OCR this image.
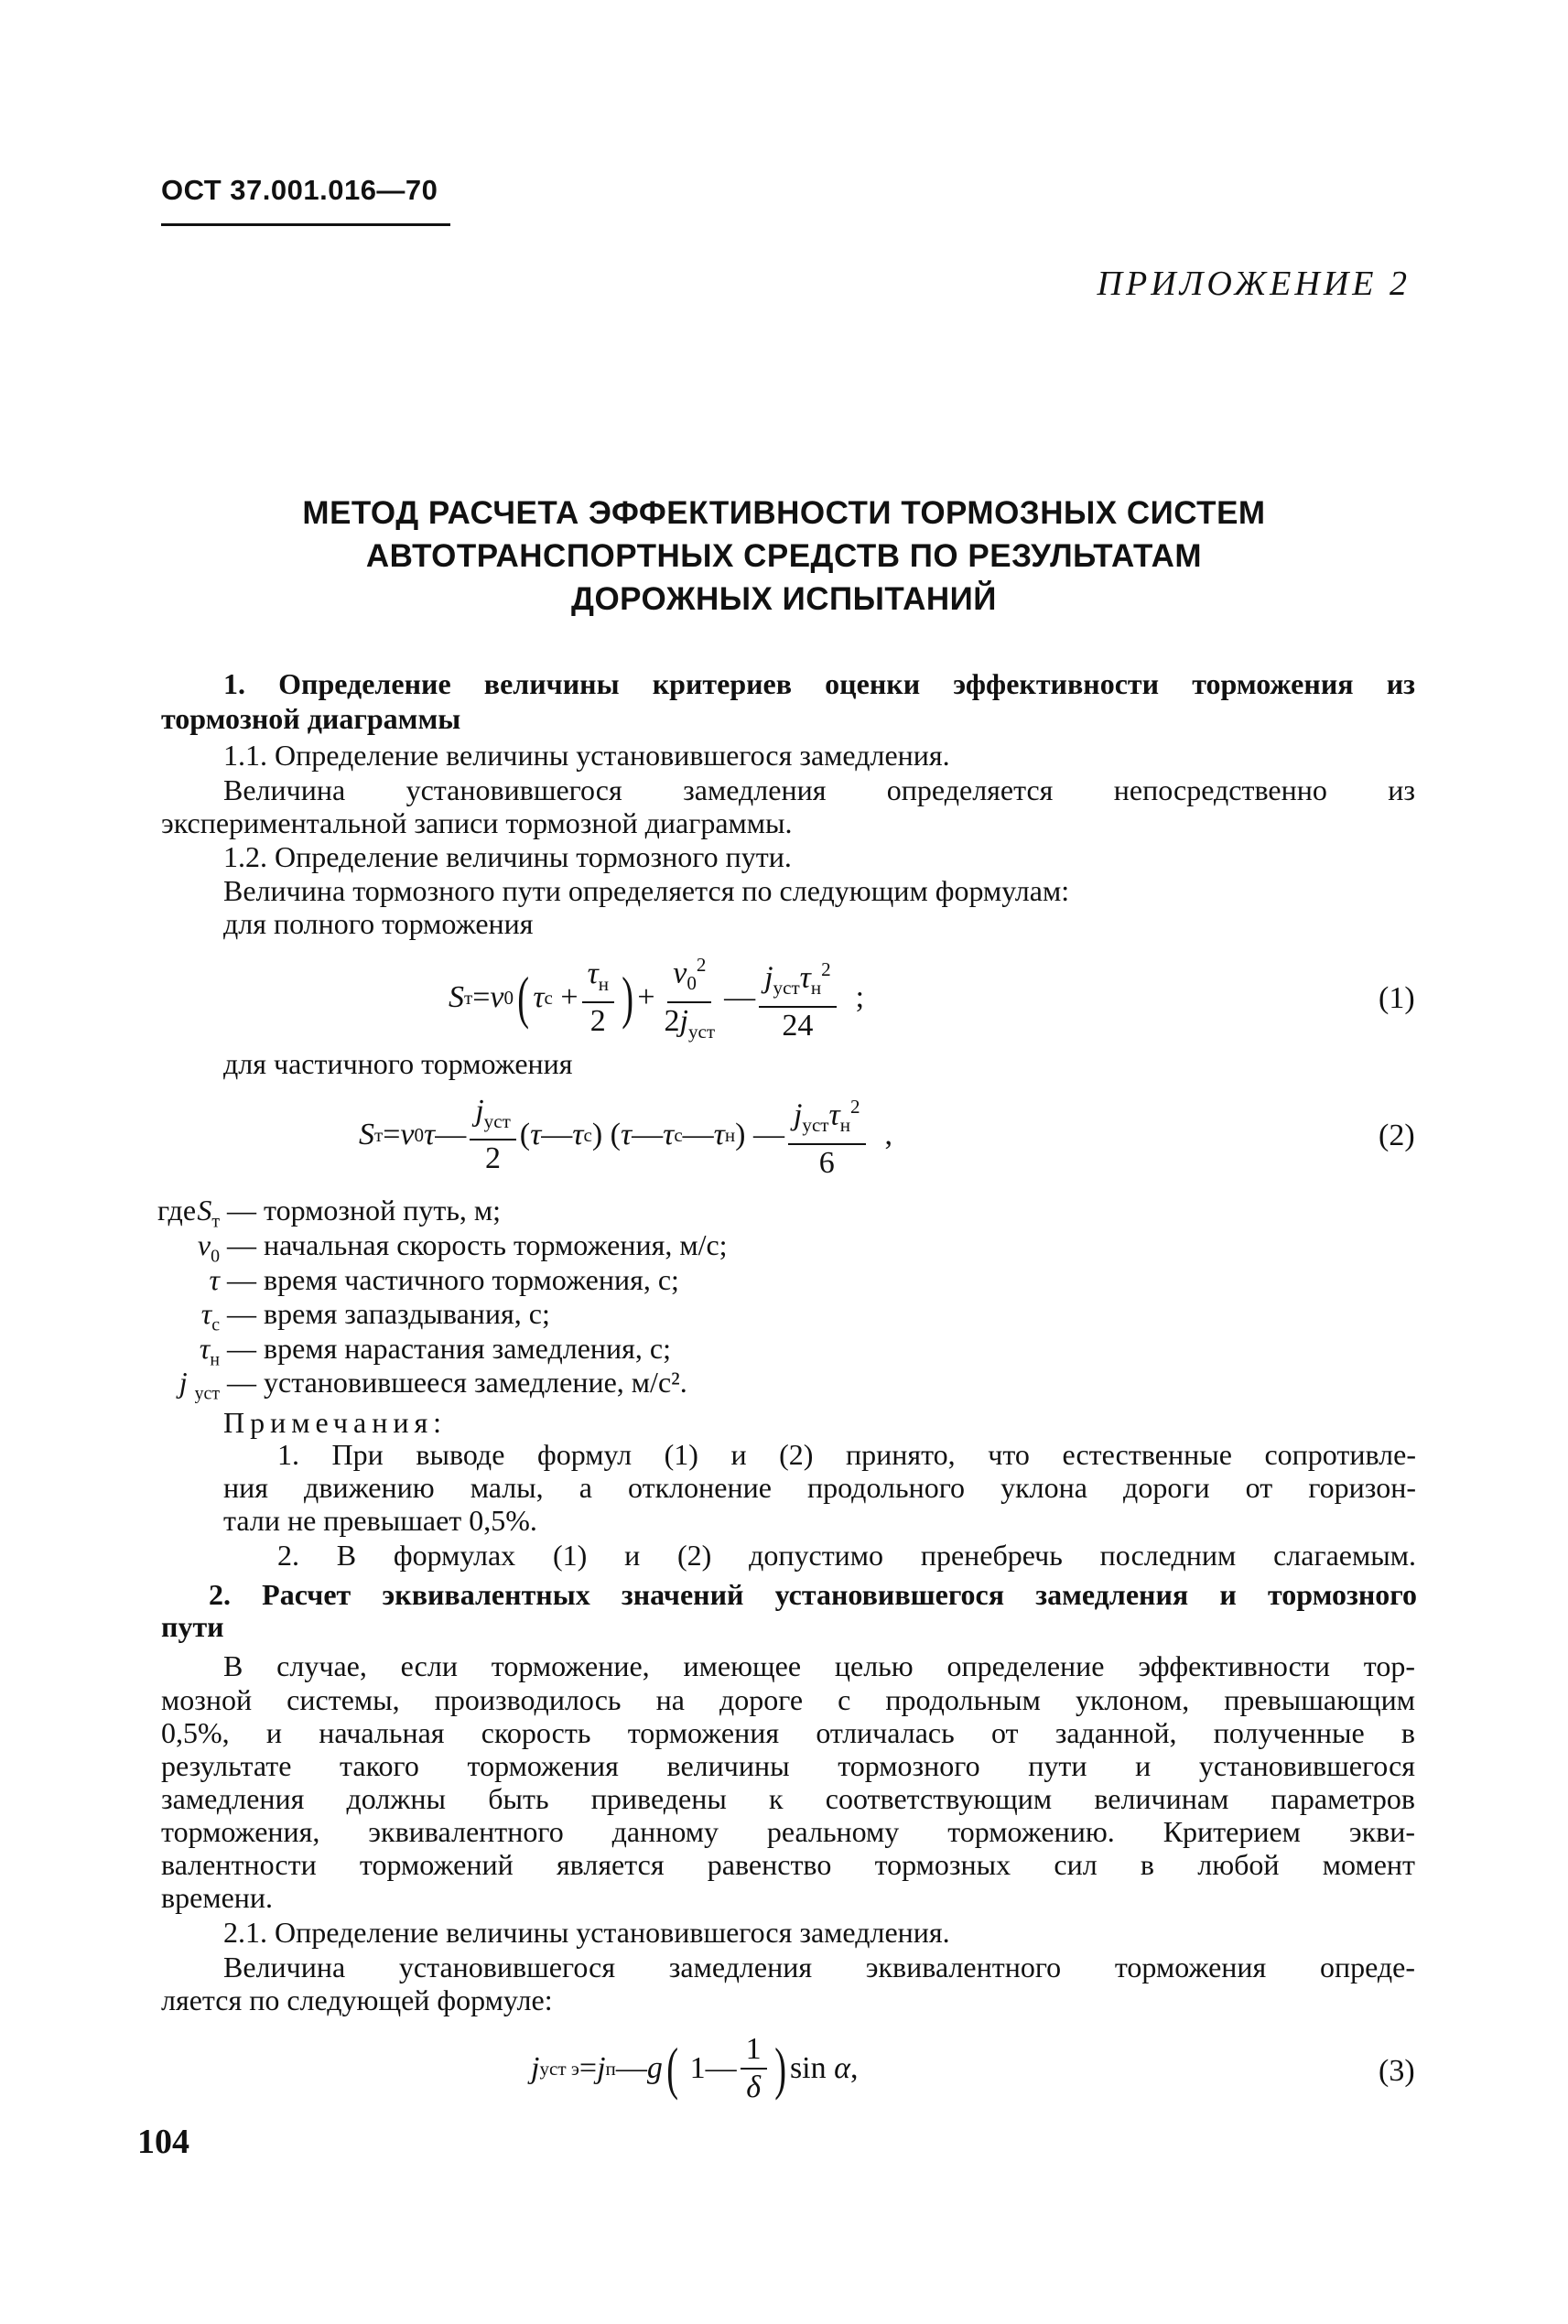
ОСТ 37.001.016—70
ПРИЛОЖЕНИЕ 2
МЕТОД РАСЧЕТА ЭФФЕКТИВНОСТИ ТОРМОЗНЫХ СИСТЕМ
АВТОТРАНСПОРТНЫХ СРЕДСТВ ПО РЕЗУЛЬТАТАМ
ДОРОЖНЫХ ИСПЫТАНИЙ
1. Определение величины критериев оценки эффективности торможения из
тормозной диаграммы
1.1. Определение величины установившегося замедления.
Величина установившегося замедления определяется непосредственно из
экспериментальной записи тормозной диаграммы.
1.2. Определение величины тормозного пути.
Величина тормозного пути определяется по следующим формулам:
для полного торможения
S т = v 0 ( τ $с + \frac{\tau_н}{2}$ ) + $\frac{v_0^2}{2j_{уст}}$ — $\frac{j_{уст}\tau_н^2}{24}$ ;	(1)
для частичного торможения
S т = v 0 τ — $\frac{j_{уст}}{2}$ ( τ — τ с ) ( τ — τ с — τ н ) — $\frac{j_{уст}\tau_н^2}{6}$ ,	(2)
где $S_т$ — тормозной путь, м;
$v_0$ — начальная скорость торможения, м/с;
τ — время частичного торможения, с;
$\tau_с$ — время запаздывания, с;
$\tau_н$ — время нарастания замедления, с;
j $_{уст}$ — установившееся замедление, м/с².
Примечания:
1. При выводе формул (1) и (2) принято, что естественные сопротивле-
ния движению малы, а отклонение продольного уклона дороги от горизон-
тали не превышает 0,5%.
2. В формулах (1) и (2) допустимо пренебречь последним слагаемым.
2. Расчет эквивалентных значений установившегося замедления и тормозного
пути
В случае, если торможение, имеющее целью определение эффективности тор-
мозной системы, производилось на дороге с продольным уклоном, превышающим
0,5%, и начальная скорость торможения отличалась от заданной, полученные в
результате такого торможения величины тормозного пути и установившегося
замедления должны быть приведены к соответствующим величинам параметров
торможения, эквивалентного данному реальному торможению. Критерием экви-
валентности торможений является равенство тормозных сил в любой момент
времени.
2.1. Определение величины установившегося замедления.
Величина установившегося замедления эквивалентного торможения опреде-
ляется по следующей формуле:
j уст э = j п — g ( 1— $\frac{1}{\delta}$ ) sin α ,	(3)
104
